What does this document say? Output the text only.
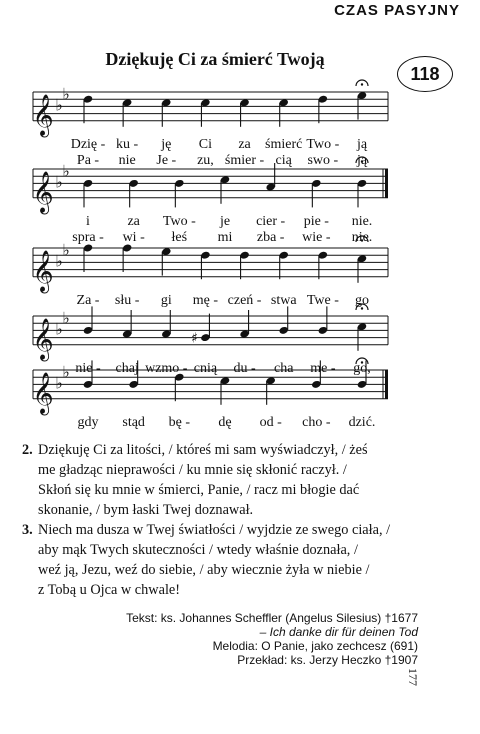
CZAS PASYJNY
Dziękuję Ci za śmierć Twoją
118
𝄞 ♭
♭
𝄞 ♭
♭
𝄞 ♭
♭
𝄞 ♭
♭
♯
𝄞 ♭
♭
Dzię - ku - ję Ci za śmierć Two - ją
Pa - nie Je - zu, śmier - cią swo - ją
i	za Two - je cier - pie - nie.
spra - wi - łeś mi zba - wie - nie.
Za - słu - gi mę - czeń - stwa Twe - go
nie - chaj wzmo - cnią du - cha me - go,
gdy stąd bę - dę od - cho - dzić.
2. Dziękuję Ci za litości, / któreś mi sam wyświadczył, / żeś
me gładząc nieprawości / ku mnie się skłonić raczył. /
Skłoń się ku mnie w śmierci, Panie, / racz mi błogie dać
skonanie, / bym łaski Twej doznawał.
3. Niech ma dusza w Twej światłości / wyjdzie ze swego ciała, /
aby mąk Twych skuteczności / wtedy właśnie doznała, /
weź ją, Jezu, weź do siebie, / aby wiecznie żyła w niebie /
z Tobą u Ojca w chwale!
Tekst: ks. Johannes Scheffler (Angelus Silesius) †1677
– Ich danke dir für deinen Tod
Melodia: O Panie, jako zechcesz (691)
Przekład: ks. Jerzy Heczko †1907
177
